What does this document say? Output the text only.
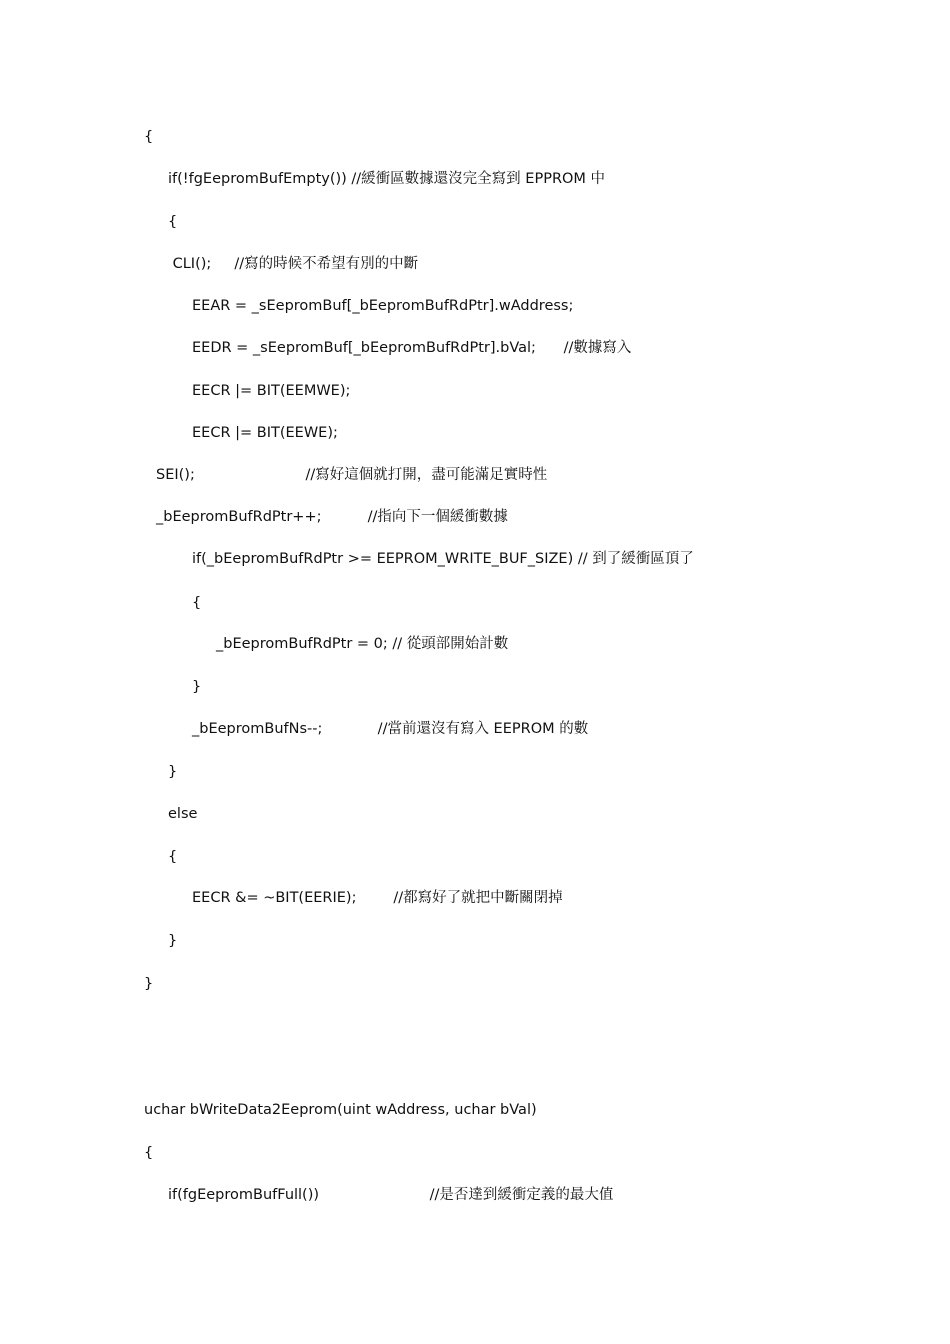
{
if(!fgEepromBufEmpty()) //緩衝區數據還沒完全寫到 EPPROM 中
{
CLI();     //寫的時候不希望有別的中斷
EEAR = _sEepromBuf[_bEepromBufRdPtr].wAddress;
EEDR = _sEepromBuf[_bEepromBufRdPtr].bVal;      //數據寫入
EECR |= BIT(EEMWE);
EECR |= BIT(EEWE);
SEI();                        //寫好這個就打開，盡可能滿足實時性
_bEepromBufRdPtr++;          //指向下一個緩衝數據
if(_bEepromBufRdPtr >= EEPROM_WRITE_BUF_SIZE) // 到了緩衝區頂了
{
_bEepromBufRdPtr = 0; // 從頭部開始計數
}
_bEepromBufNs--;            //當前還沒有寫入 EEPROM 的數
}
else
{
EECR &= ~BIT(EERIE);        //都寫好了就把中斷關閉掉
}
}
uchar bWriteData2Eeprom(uint wAddress, uchar bVal)
{
if(fgEepromBufFull())                        //是否達到緩衝定義的最大值
